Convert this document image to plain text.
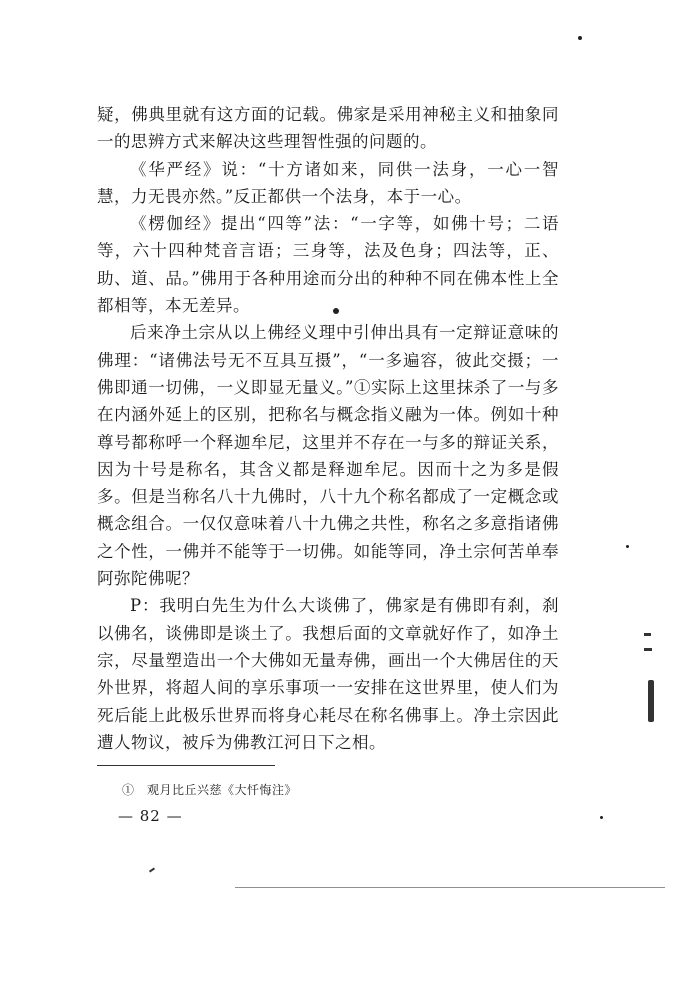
疑，佛典里就有这方面的记载。佛家是采用神秘主义和抽象同一的思辨方式来解决这些理智性强的问题的。

《华严经》说：“十方诸如来，同供一法身，一心一智慧，力无畏亦然。”反正都供一个法身，本于一心。

《楞伽经》提出“四等”法：“一字等，如佛十号；二语等，六十四种梵音言语；三身等，法及色身；四法等，正、助、道、品。”佛用于各种用途而分出的种种不同在佛本性上全都相等，本无差异。

后来净土宗从以上佛经义理中引伸出具有一定辩证意味的佛理：“诸佛法号无不互具互摄”，“一多遍容，彼此交摄；一佛即通一切佛，一义即显无量义。”①实际上这里抹杀了一与多在内涵外延上的区别，把称名与概念指义融为一体。例如十种尊号都称呼一个释迦牟尼，这里并不存在一与多的辩证关系，因为十号是称名，其含义都是释迦牟尼。因而十之为多是假多。但是当称名八十九佛时，八十九个称名都成了一定概念或概念组合。一仅仅意味着八十九佛之共性，称名之多意指诸佛之个性，一佛并不能等于一切佛。如能等同，净土宗何苦单奉阿弥陀佛呢？

P：我明白先生为什么大谈佛了，佛家是有佛即有刹，刹以佛名，谈佛即是谈土了。我想后面的文章就好作了，如净土宗，尽量塑造出一个大佛如无量寿佛，画出一个大佛居住的天外世界，将超人间的享乐事项一一安排在这世界里，使人们为死后能上此极乐世界而将身心耗尽在称名佛事上。净土宗因此遭人物议，被斥为佛教江河日下之相。

①　观月比丘兴慈《大忏悔注》
— 82 —
